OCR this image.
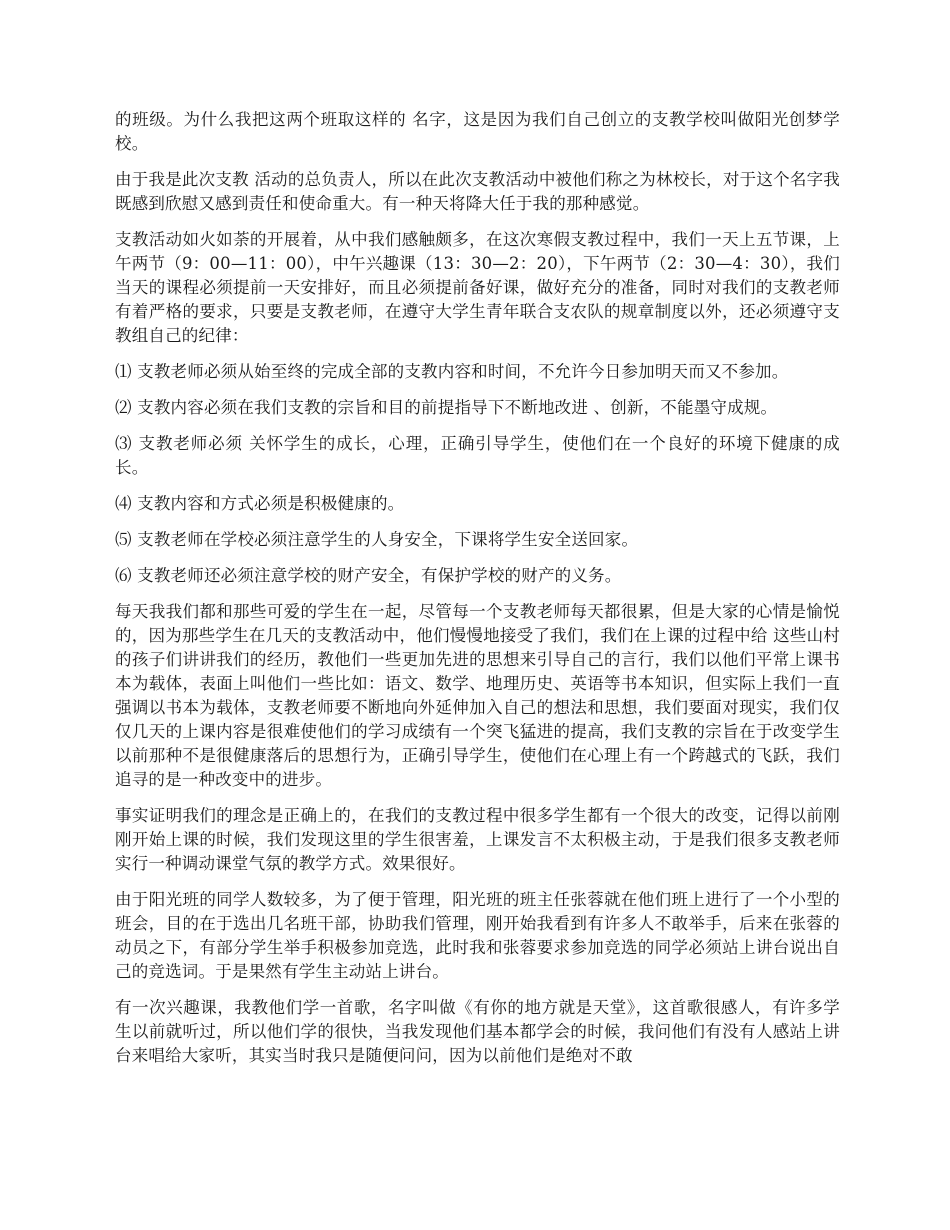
的班级。为什么我把这两个班取这样的 名字，这是因为我们自己创立的支教学校叫做阳光创梦学校。

由于我是此次支教 活动的总负责人，所以在此次支教活动中被他们称之为林校长，对于这个名字我既感到欣慰又感到责任和使命重大。有一种天将降大任于我的那种感觉。

支教活动如火如荼的开展着，从中我们感触颇多，在这次寒假支教过程中，我们一天上五节课，上午两节（9：00—11：00），中午兴趣课（13：30—2：20），下午两节（2：30—4：30），我们当天的课程必须提前一天安排好，而且必须提前备好课，做好充分的准备，同时对我们的支教老师有着严格的要求，只要是支教老师，在遵守大学生青年联合支农队的规章制度以外，还必须遵守支教组自己的纪律：

⑴ 支教老师必须从始至终的完成全部的支教内容和时间，不允许今日参加明天而又不参加。

⑵ 支教内容必须在我们支教的宗旨和目的前提指导下不断地改进 、创新，不能墨守成规。

⑶ 支教老师必须 关怀学生的成长，心理，正确引导学生，使他们在一个良好的环境下健康的成长。

⑷ 支教内容和方式必须是积极健康的。

⑸ 支教老师在学校必须注意学生的人身安全，下课将学生安全送回家。

⑹ 支教老师还必须注意学校的财产安全，有保护学校的财产的义务。

每天我我们都和那些可爱的学生在一起，尽管每一个支教老师每天都很累，但是大家的心情是愉悦的，因为那些学生在几天的支教活动中，他们慢慢地接受了我们，我们在上课的过程中给 这些山村的孩子们讲讲我们的经历，教他们一些更加先进的思想来引导自己的言行，我们以他们平常上课书本为载体，表面上叫他们一些比如：语文、数学、地理历史、英语等书本知识，但实际上我们一直强调以书本为载体，支教老师要不断地向外延伸加入自己的想法和思想，我们要面对现实，我们仅仅几天的上课内容是很难使他们的学习成绩有一个突飞猛进的提高，我们支教的宗旨在于改变学生以前那种不是很健康落后的思想行为，正确引导学生，使他们在心理上有一个跨越式的飞跃，我们追寻的是一种改变中的进步。

事实证明我们的理念是正确上的，在我们的支教过程中很多学生都有一个很大的改变，记得以前刚刚开始上课的时候，我们发现这里的学生很害羞，上课发言不太积极主动，于是我们很多支教老师实行一种调动课堂气氛的教学方式。效果很好。

由于阳光班的同学人数较多，为了便于管理，阳光班的班主任张蓉就在他们班上进行了一个小型的班会，目的在于选出几名班干部，协助我们管理，刚开始我看到有许多人不敢举手，后来在张蓉的动员之下，有部分学生举手积极参加竞选，此时我和张蓉要求参加竞选的同学必须站上讲台说出自己的竞选词。于是果然有学生主动站上讲台。

有一次兴趣课，我教他们学一首歌，名字叫做《有你的地方就是天堂》，这首歌很感人，有许多学生以前就听过，所以他们学的很快，当我发现他们基本都学会的时候，我问他们有没有人感站上讲台来唱给大家听，其实当时我只是随便问问，因为以前他们是绝对不敢
